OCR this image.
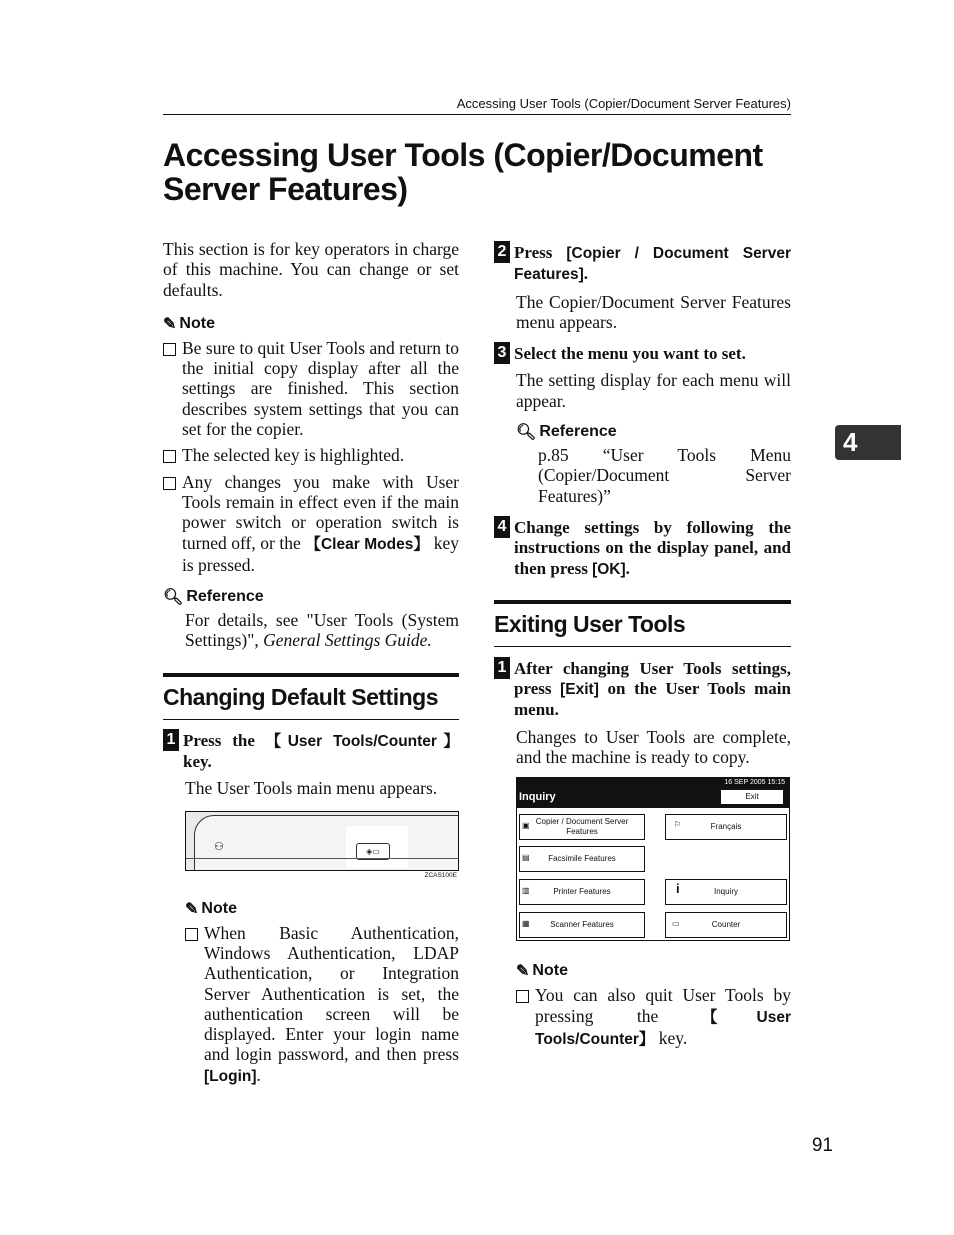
Accessing User Tools (Copier/Document Server Features)
Accessing User Tools (Copier/Document Server Features)
This section is for key operators in charge of this machine. You can change or set defaults.
✎ Note
Be sure to quit User Tools and return to the initial copy display after all the settings are finished. This section describes system settings that you can set for the copier.
The selected key is highlighted.
Any changes you make with User Tools remain in effect even if the main power switch or operation switch is turned off, or the 【Clear Modes】 key is pressed.
🔍︎ Reference
For details, see "User Tools (System Settings)", General Settings Guide.
Changing Default Settings
1 Press the 【User Tools/Counter】 key.
The User Tools main menu appears.
⚇	◈▭
ZCAS100E
✎ Note
When Basic Authentication, Windows Authentication, LDAP Authentication, or Integration Server Authentication is set, the authentication screen will be displayed. Enter your login name and login password, and then press [Login].
2 Press [Copier / Document Server Features].
The Copier/Document Server Features menu appears.
3 Select the menu you want to set.
The setting display for each menu will appear.
🔍︎ Reference
p.85 “User Tools Menu (Copier/Document Server Features)”
4 Change settings by following the instructions on the display panel, and then press [OK].
Exiting User Tools
1 After changing User Tools settings, press [Exit] on the User Tools main menu.
Changes to User Tools are complete, and the machine is ready to copy.
16 SEP 2005 15:15
Inquiry	Exit
▣ Copier / Document Server Features
▤ Facsimile Features
▥	Printer Features
▦	Scanner Features
⚐	Français
i	Inquiry
▭	Counter
✎ Note
You can also quit User Tools by pressing the 【User Tools/Counter】 key.
4
91
